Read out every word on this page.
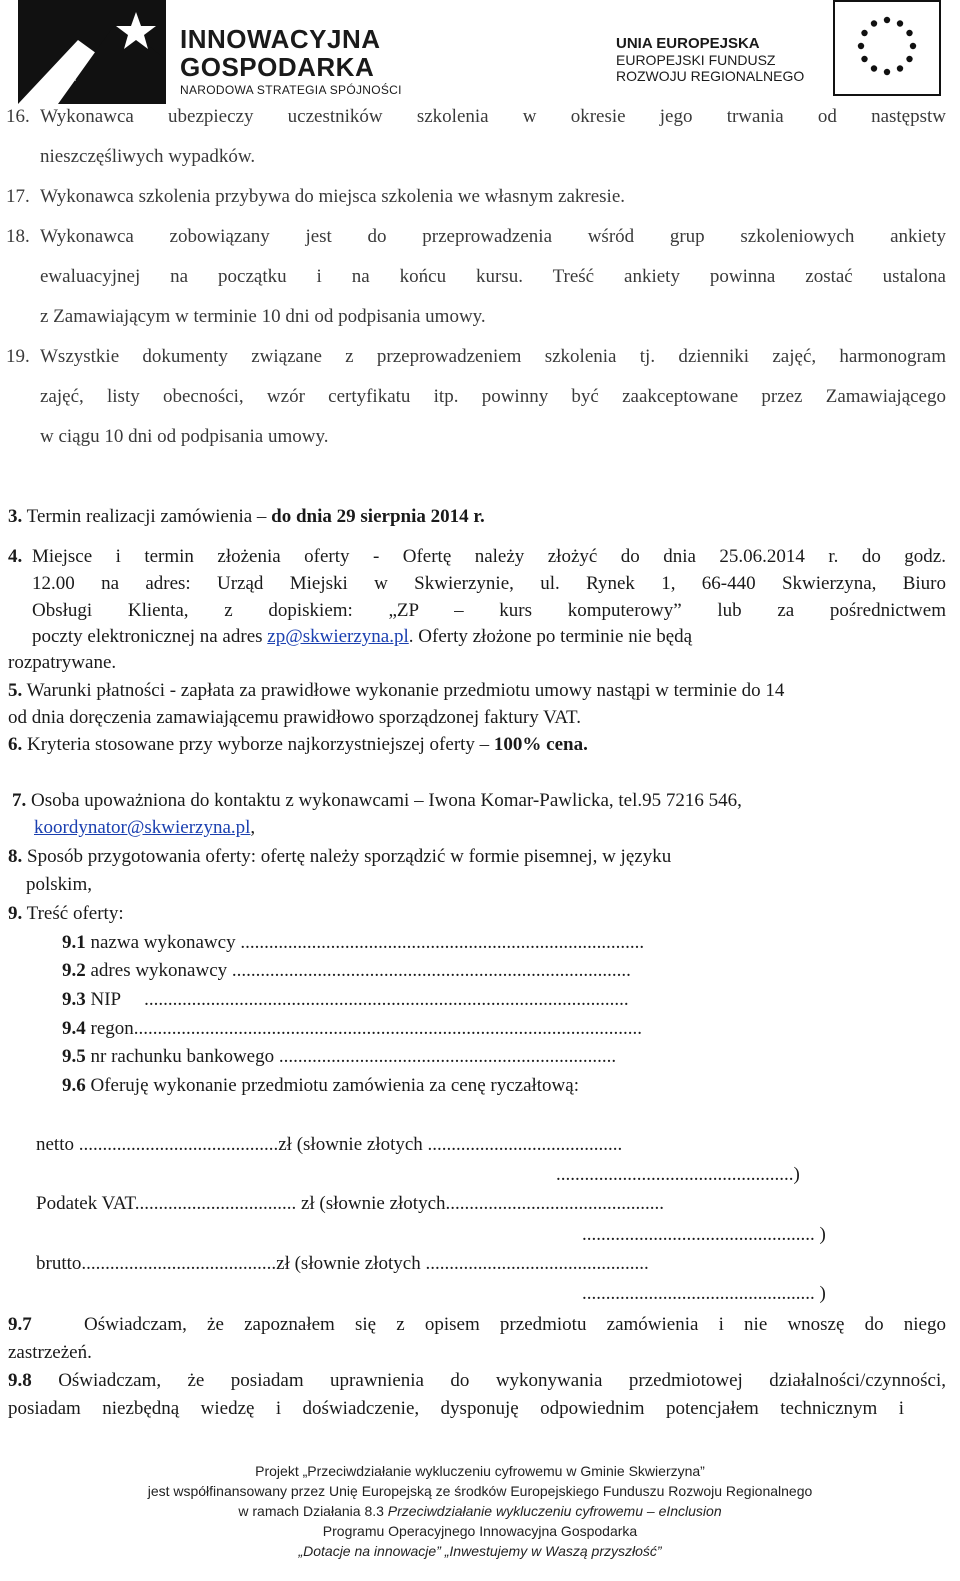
INNOWACYJNA
GOSPODARKA
NARODOWA STRATEGIA SPÓJNOŚCI
UNIA EUROPEJSKA
EUROPEJSKI FUNDUSZ
ROZWOJU REGIONALNEGO
16. Wykonawca ubezpieczy uczestników szkolenia w okresie jego trwania od następstw
nieszczęśliwych wypadków.
17. Wykonawca szkolenia przybywa do miejsca szkolenia we własnym zakresie.
18. Wykonawca zobowiązany jest do przeprowadzenia wśród grup szkoleniowych ankiety
ewaluacyjnej na początku i na końcu kursu. Treść ankiety powinna zostać ustalona
z Zamawiającym w terminie 10 dni od podpisania umowy.
19. Wszystkie dokumenty związane z przeprowadzeniem szkolenia tj. dzienniki zajęć, harmonogram
zajęć, listy obecności, wzór certyfikatu itp. powinny być zaakceptowane przez Zamawiającego
w ciągu 10 dni od podpisania umowy.
3. Termin realizacji zamówienia – do dnia 29 sierpnia 2014 r.
4. Miejsce i termin złożenia oferty - Ofertę należy złożyć do dnia 25.06.2014 r. do godz.
12.00 na adres: Urząd Miejski w Skwierzynie, ul. Rynek 1, 66-440 Skwierzyna, Biuro
Obsługi Klienta, z dopiskiem: „ZP – kurs komputerowy” lub za pośrednictwem
poczty elektronicznej na adres zp@skwierzyna.pl. Oferty złożone po terminie nie będą
rozpatrywane.
5. Warunki płatności - zapłata za prawidłowe wykonanie przedmiotu umowy nastąpi w terminie do 14
od dnia doręczenia zamawiającemu prawidłowo sporządzonej faktury VAT.
6. Kryteria stosowane przy wyborze najkorzystniejszej oferty – 100% cena.
7. Osoba upoważniona do kontaktu z wykonawcami – Iwona Komar-Pawlicka, tel.95 7216 546,
koordynator@skwierzyna.pl,
8. Sposób przygotowania oferty: ofertę należy sporządzić w formie pisemnej, w języku
polskim,
9. Treść oferty:
9.1 nazwa wykonawcy .....................................................................................
9.2 adres wykonawcy ....................................................................................
9.3 NIP     ......................................................................................................
9.4 regon...........................................................................................................
9.5 nr rachunku bankowego .......................................................................
9.6 Oferuję wykonanie przedmiotu zamówienia za cenę ryczałtową:
netto ..........................................zł (słownie złotych .........................................
..................................................)
Podatek VAT.................................. zł (słownie złotych..............................................
................................................. )
brutto.........................................zł (słownie złotych ...............................................
................................................. )
9.7	Oświadczam, że zapoznałem się z opisem przedmiotu zamówienia i nie wnoszę do niego
zastrzeżeń.
9.8 Oświadczam, że posiadam uprawnienia do wykonywania przedmiotowej działalności/czynności,
posiadam niezbędną wiedzę i doświadczenie, dysponuję odpowiednim potencjałem technicznym i
Projekt „Przeciwdziałanie wykluczeniu cyfrowemu w Gminie Skwierzyna”
jest współfinansowany przez Unię Europejską ze środków Europejskiego Funduszu Rozwoju Regionalnego
w ramach Działania 8.3 Przeciwdziałanie wykluczeniu cyfrowemu – eInclusion
Programu Operacyjnego Innowacyjna Gospodarka
„Dotacje na innowacje” „Inwestujemy w Waszą przyszłość”
